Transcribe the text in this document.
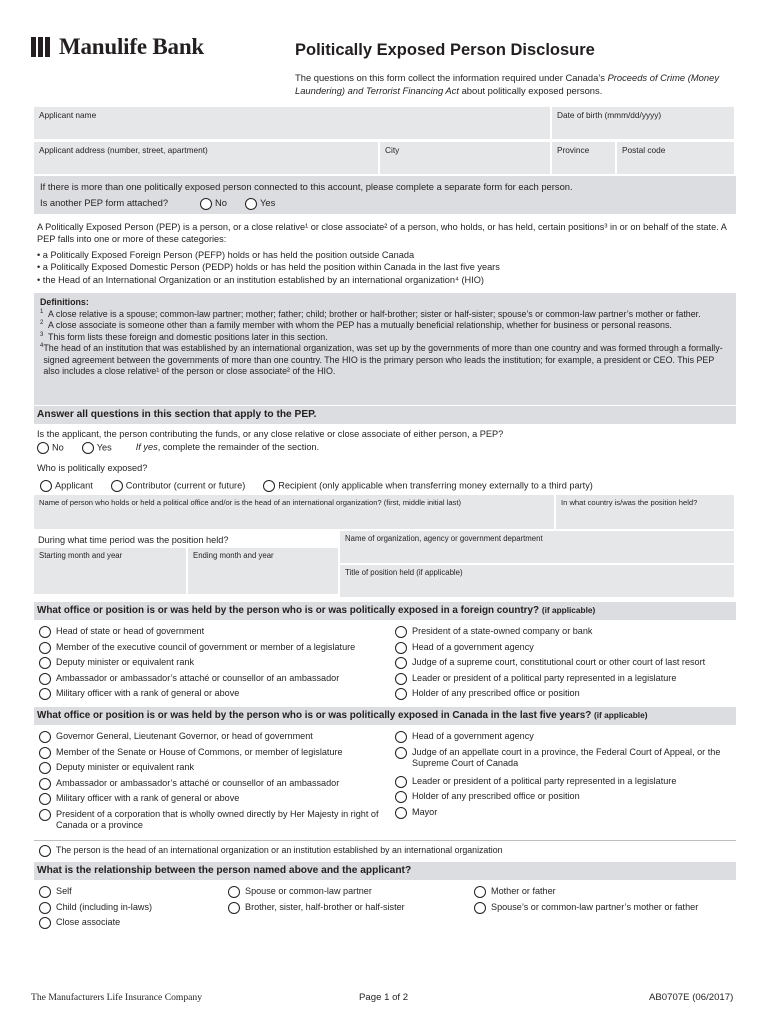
Manulife Bank	Politically Exposed Person Disclosure
The questions on this form collect the information required under Canada’s Proceeds of Crime (Money Laundering) and Terrorist Financing Act about politically exposed persons.
Applicant name	Date of birth (mmm/dd/yyyy)
Applicant address (number, street, apartment)	City	Province	Postal code
If there is more than one politically exposed person connected to this account, please complete a separate form for each person.
Is another PEP form attached?	No	Yes
A Politically Exposed Person (PEP) is a person, or a close relative¹ or close associate² of a person, who holds, or has held, certain positions³ in or on behalf of the state. A PEP falls into one or more of these categories:
• a Politically Exposed Foreign Person (PEFP) holds or has held the position outside Canada
• a Politically Exposed Domestic Person (PEDP) holds or has held the position within Canada in the last five years
• the Head of an International Organization or an institution established by an international organization⁴ (HIO)
Definitions:
1 A close relative is a spouse; common-law partner; mother; father; child; brother or half-brother; sister or half-sister; spouse’s or common-law partner’s mother or father.
2 A close associate is someone other than a family member with whom the PEP has a mutually beneficial relationship, whether for business or personal reasons.
3 This form lists these foreign and domestic positions later in this section.
4 The head of an institution that was established by an international organization, was set up by the governments of more than one country and was formed through a formally-signed agreement between the governments of more than one country. The HIO is the primary person who leads the institution; for example, a president or CEO. This PEP also includes a close relative¹ of the person or close associate² of the HIO.
Answer all questions in this section that apply to the PEP.
Is the applicant, the person contributing the funds, or any close relative or close associate of either person, a PEP?
No	Yes	If yes, complete the remainder of the section.
Who is politically exposed?
Applicant	Contributor (current or future)	Recipient (only applicable when transferring money externally to a third party)
Name of person who holds or held a political office and/or is the head of an international organization? (first, middle initial last)	In what country is/was the position held?
During what time period was the position held?
Starting month and year	Ending month and year
Name of organization, agency or government department
Title of position held (if applicable)
What office or position is or was held by the person who is or was politically exposed in a foreign country? (if applicable)
Head of state or head of government
Member of the executive council of government or member of a legislature
Deputy minister or equivalent rank
Ambassador or ambassador’s attaché or counsellor of an ambassador
Military officer with a rank of general or above
President of a state-owned company or bank
Head of a government agency
Judge of a supreme court, constitutional court or other court of last resort
Leader or president of a political party represented in a legislature
Holder of any prescribed office or position
What office or position is or was held by the person who is or was politically exposed in Canada in the last five years? (if applicable)
Governor General, Lieutenant Governor, or head of government
Member of the Senate or House of Commons, or member of legislature
Deputy minister or equivalent rank
Ambassador or ambassador’s attaché or counsellor of an ambassador
Military officer with a rank of general or above
President of a corporation that is wholly owned directly by Her Majesty in right of Canada or a province
Head of a government agency
Judge of an appellate court in a province, the Federal Court of Appeal, or the Supreme Court of Canada
Leader or president of a political party represented in a legislature
Holder of any prescribed office or position
Mayor
The person is the head of an international organization or an institution established by an international organization
What is the relationship between the person named above and the applicant?
Self
Child (including in-laws)
Close associate
Spouse or common-law partner
Brother, sister, half-brother or half-sister
Mother or father
Spouse’s or common-law partner’s mother or father
The Manufacturers Life Insurance Company	Page 1 of 2	AB0707E (06/2017)
